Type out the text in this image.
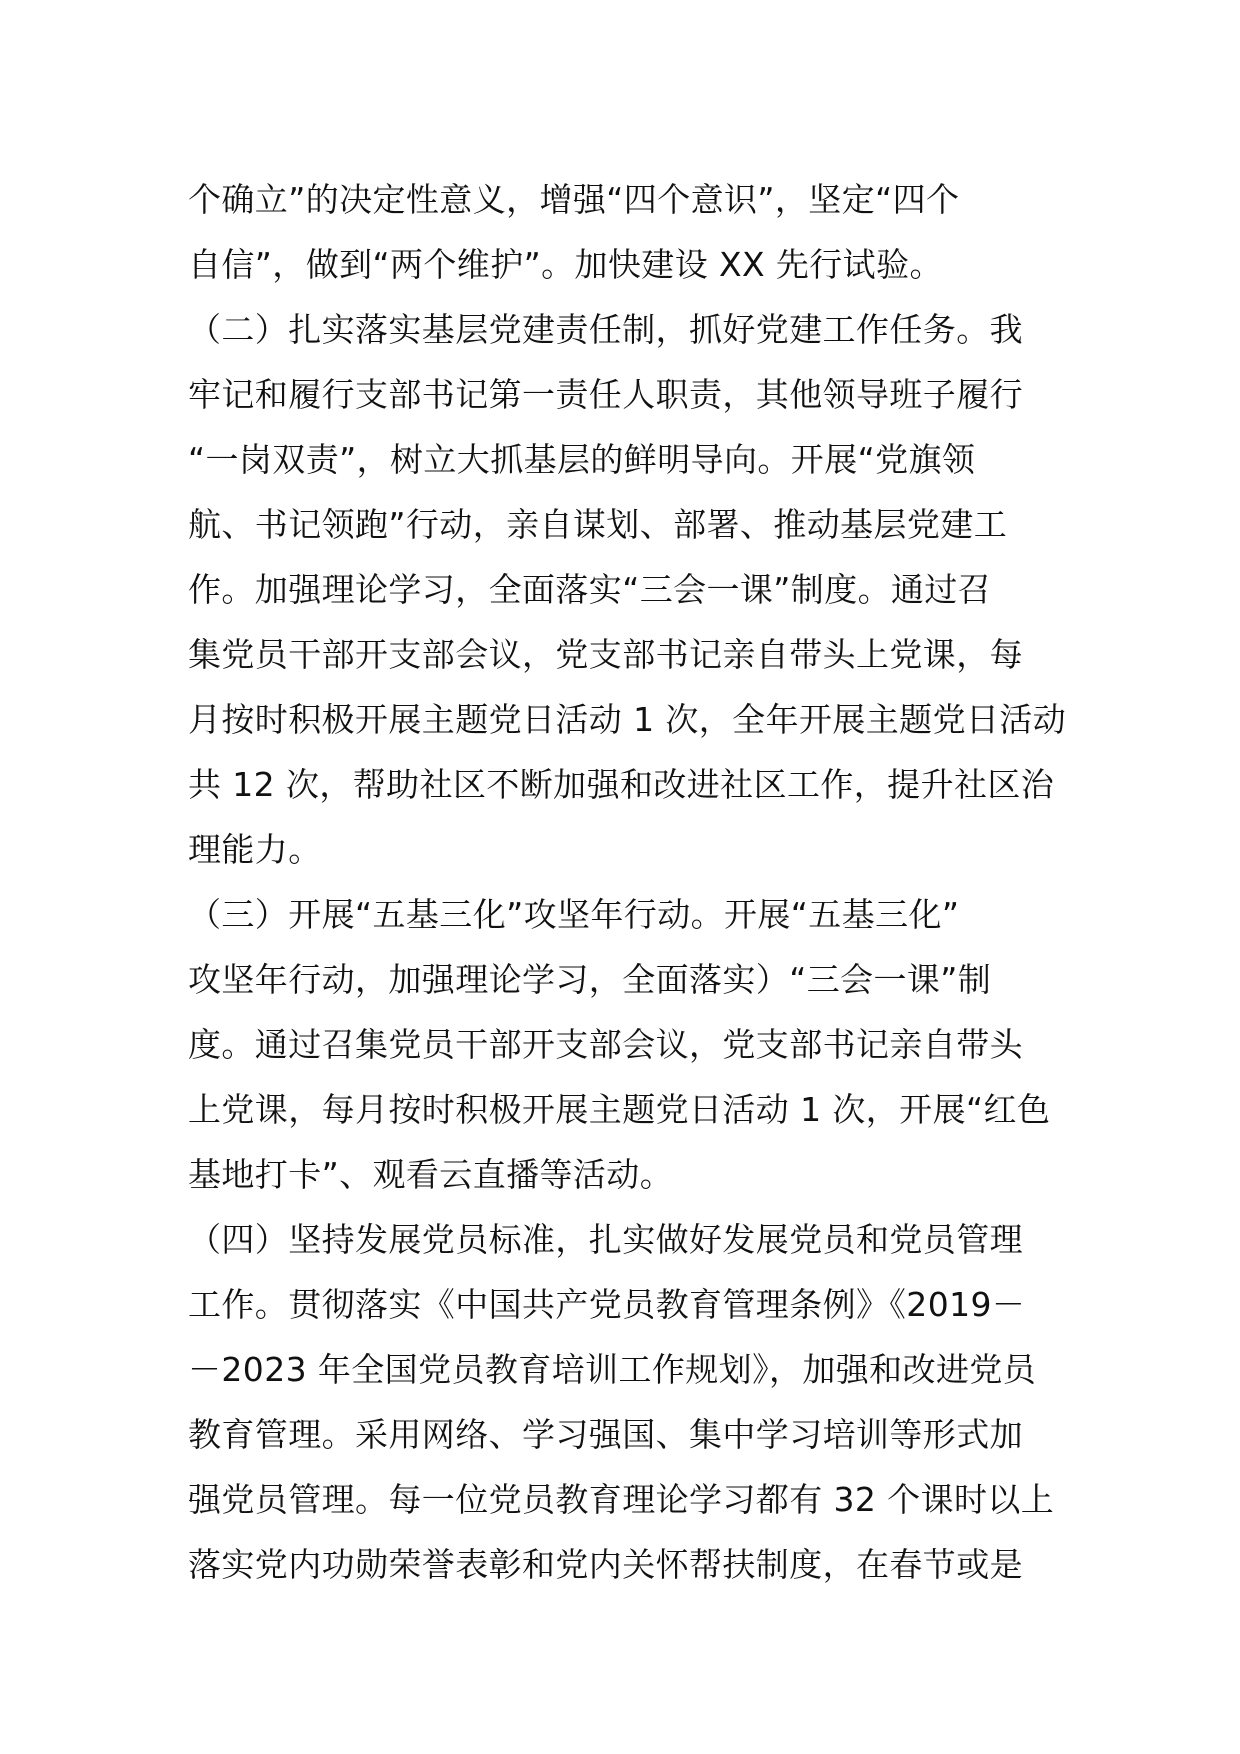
个确立”的决定性意义，增强“四个意识”，坚定“四个
自信”，做到“两个维护”。加快建设 XX 先行试验。
（二）扎实落实基层党建责任制，抓好党建工作任务。我
牢记和履行支部书记第一责任人职责，其他领导班子履行
“一岗双责”，树立大抓基层的鲜明导向。开展“党旗领
航、书记领跑”行动，亲自谋划、部署、推动基层党建工
作。加强理论学习，全面落实“三会一课”制度。通过召
集党员干部开支部会议，党支部书记亲自带头上党课，每
月按时积极开展主题党日活动 1 次，全年开展主题党日活动
共 12 次，帮助社区不断加强和改进社区工作，提升社区治
理能力。
（三）开展“五基三化”攻坚年行动。开展“五基三化”
攻坚年行动，加强理论学习，全面落实）“三会一课”制
度。通过召集党员干部开支部会议，党支部书记亲自带头
上党课，每月按时积极开展主题党日活动 1 次，开展“红色
基地打卡”、观看云直播等活动。
（四）坚持发展党员标准，扎实做好发展党员和党员管理
工作。贯彻落实《中国共产党员教育管理条例》《2019－
－2023 年全国党员教育培训工作规划》，加强和改进党员
教育管理。采用网络、学习强国、集中学习培训等形式加
强党员管理。每一位党员教育理论学习都有 32 个课时以上
落实党内功勋荣誉表彰和党内关怀帮扶制度，在春节或是
